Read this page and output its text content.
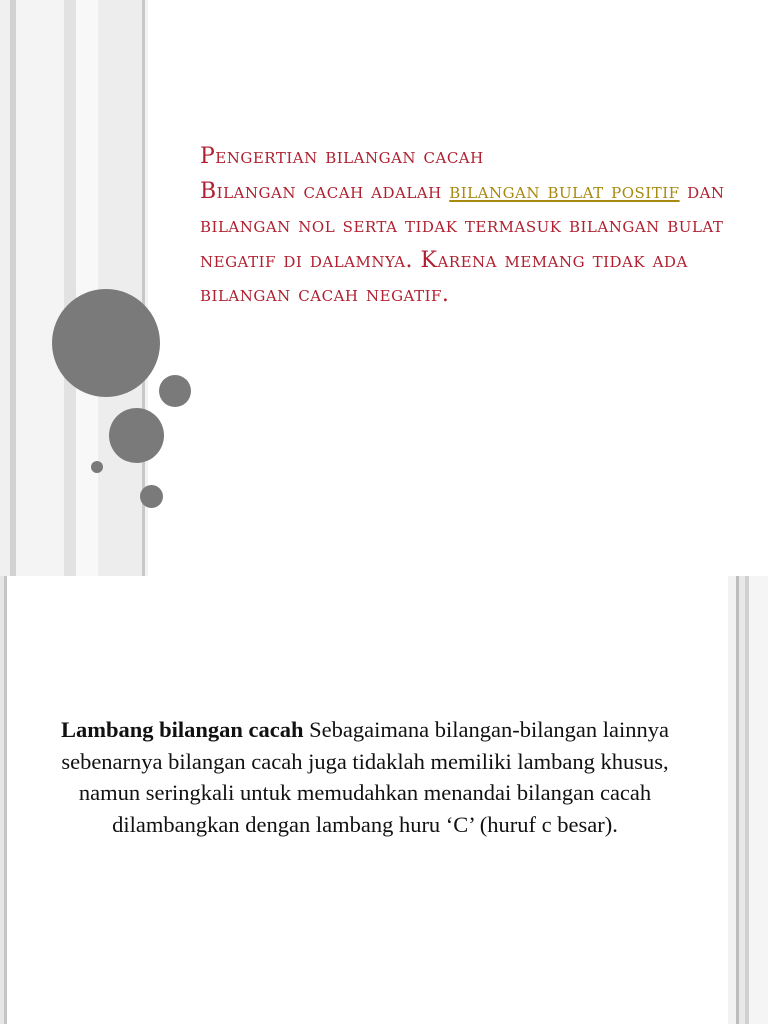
Pengertian bilangan cacah
Bilangan cacah adalah bilangan bulat positif dan bilangan nol serta tidak termasuk bilangan bulat negatif di dalamnya. Karena memang tidak ada bilangan cacah negatif.
Lambang bilangan cacah Sebagaimana bilangan-bilangan lainnya sebenarnya bilangan cacah juga tidaklah memiliki lambang khusus, namun seringkali untuk memudahkan menandai bilangan cacah dilambangkan dengan lambang huru ‘C’ (huruf c besar).
